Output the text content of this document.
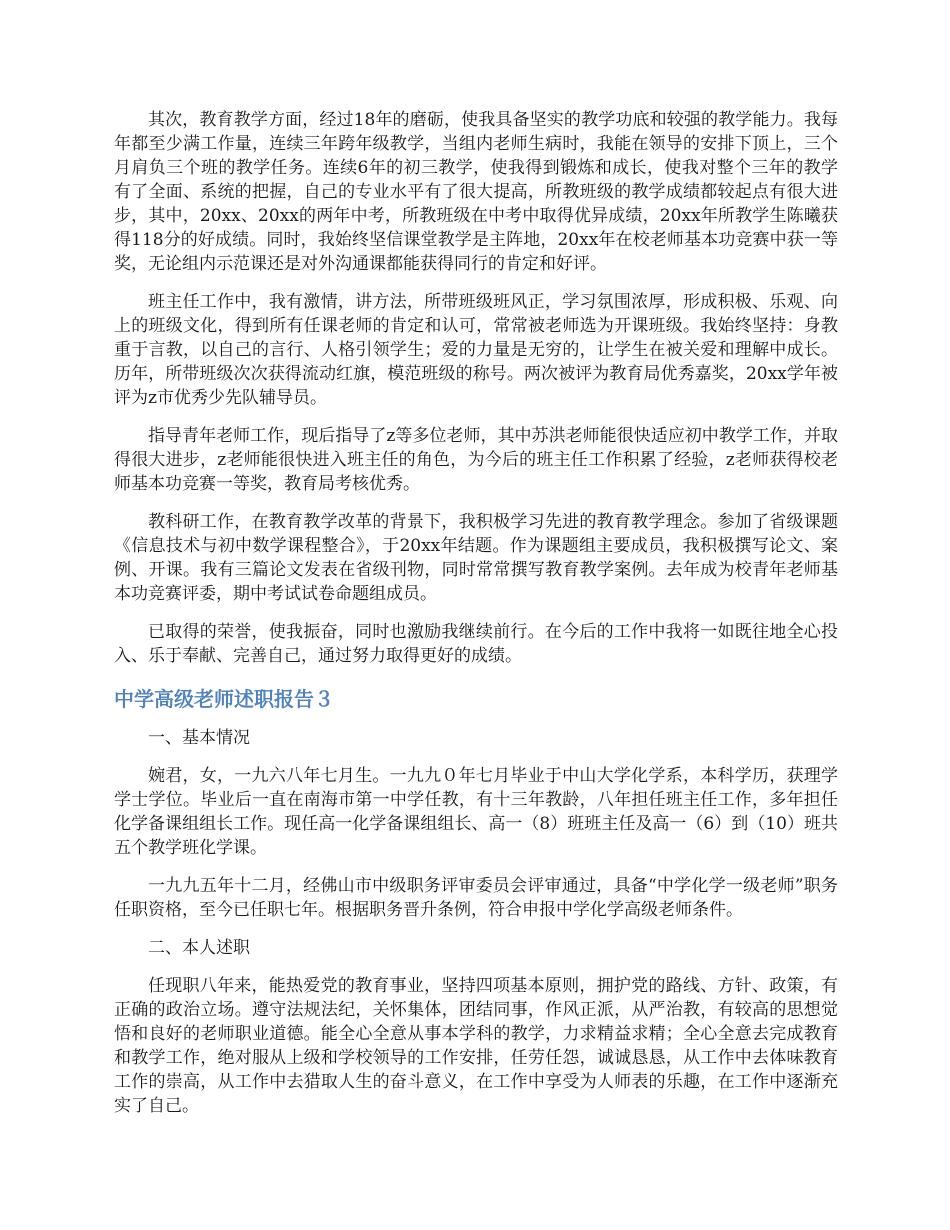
其次，教育教学方面，经过18年的磨砺，使我具备坚实的教学功底和较强的教学能力。我每年都至少满工作量，连续三年跨年级教学，当组内老师生病时，我能在领导的安排下顶上，三个月肩负三个班的教学任务。连续6年的初三教学，使我得到锻炼和成长，使我对整个三年的教学有了全面、系统的把握，自己的专业水平有了很大提高，所教班级的教学成绩都较起点有很大进步，其中，20xx、20xx的两年中考，所教班级在中考中取得优异成绩，20xx年所教学生陈曦获得118分的好成绩。同时，我始终坚信课堂教学是主阵地，20xx年在校老师基本功竞赛中获一等奖，无论组内示范课还是对外沟通课都能获得同行的肯定和好评。

班主任工作中，我有激情，讲方法，所带班级班风正，学习氛围浓厚，形成积极、乐观、向上的班级文化，得到所有任课老师的肯定和认可，常常被老师选为开课班级。我始终坚持：身教重于言教，以自己的言行、人格引领学生；爱的力量是无穷的，让学生在被关爱和理解中成长。历年，所带班级次次获得流动红旗，模范班级的称号。两次被评为教育局优秀嘉奖，20xx学年被评为z市优秀少先队辅导员。

指导青年老师工作，现后指导了z等多位老师，其中苏洪老师能很快适应初中教学工作，并取得很大进步，z老师能很快进入班主任的角色，为今后的班主任工作积累了经验，z老师获得校老师基本功竞赛一等奖，教育局考核优秀。

教科研工作，在教育教学改革的背景下，我积极学习先进的教育教学理念。参加了省级课题《信息技术与初中数学课程整合》，于20xx年结题。作为课题组主要成员，我积极撰写论文、案例、开课。我有三篇论文发表在省级刊物，同时常常撰写教育教学案例。去年成为校青年老师基本功竞赛评委，期中考试试卷命题组成员。

已取得的荣誉，使我振奋，同时也激励我继续前行。在今后的工作中我将一如既往地全心投入、乐于奉献、完善自己，通过努力取得更好的成绩。

中学高级老师述职报告３

一、基本情况

婉君，女，一九六八年七月生。一九九０年七月毕业于中山大学化学系，本科学历，获理学学士学位。毕业后一直在南海市第一中学任教，有十三年教龄，八年担任班主任工作，多年担任化学备课组组长工作。现任高一化学备课组组长、高一（8）班班主任及高一（6）到（10）班共五个教学班化学课。

一九九五年十二月，经佛山市中级职务评审委员会评审通过，具备“中学化学一级老师”职务任职资格，至今已任职七年。根据职务晋升条例，符合申报中学化学高级老师条件。

二、本人述职

任现职八年来，能热爱党的教育事业，坚持四项基本原则，拥护党的路线、方针、政策，有正确的政治立场。遵守法规法纪，关怀集体，团结同事，作风正派，从严治教，有较高的思想觉悟和良好的老师职业道德。能全心全意从事本学科的教学，力求精益求精；全心全意去完成教育和教学工作，绝对服从上级和学校领导的工作安排，任劳任怨，诚诚恳恳，从工作中去体味教育工作的崇高，从工作中去猎取人生的奋斗意义，在工作中享受为人师表的乐趣，在工作中逐渐充实了自己。
